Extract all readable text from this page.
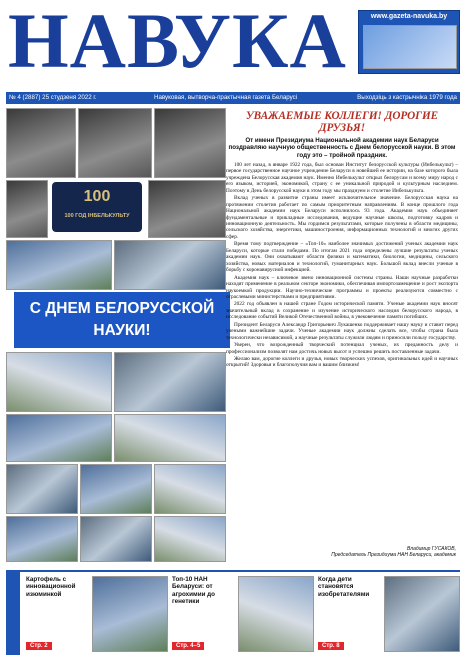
НАВУКА	www.gazeta-navuka.by
№ 4 (2887) 25 студзеня 2022 г.	Навуковая, вытворча-практычная газета Беларусі	Выходзіць з кастрычніка 1979 года
100
100 ГОД ІНБЕЛЬКУЛЬТУ
С ДНЕМ БЕЛОРУССКОЙ НАУКИ!
УВАЖАЕМЫЕ КОЛЛЕГИ! ДОРОГИЕ ДРУЗЬЯ!
От имени Президиума Национальной академии наук Беларуси поздравляю научную общественность с Днем белорусской науки. В этом году это – тройной праздник.

100 лет назад, в январе 1922 года, был основан Институт белорусской культуры (Инбелькульт) – первое государственное научное учреждение Беларуси в новейшей ее истории, на базе которого была учреждена Белорусская академия наук. Именно Инбелькульт открыл белорусам и всему миру народ с его языком, историей, экономикой, страну с ее уникальной природой и культурным наследием. Поэтому в День белорусской науки в этом году мы празднуем и столетие Инбелькульта.

Вклад ученых в развитие страны имеет исключительное значение. Белорусская наука на протяжении столетия работает по самым приоритетным направлениям. В конце прошлого года Национальной академии наук Беларуси исполнилось 93 года. Академия наук объединяет фундаментальные и прикладные исследования, ведущие научные школы, подготовку кадров и инновационную деятельность. Мы гордимся результатами, которые получены в области медицины, сельского хозяйства, энергетики, машиностроения, информационных технологий и многих других сфер.

Время тому подтверждение – «Топ-10» наиболее значимых достижений ученых академии наук Беларуси, которые стали победами. По итогам 2021 года определены лучшие результаты ученых академии наук. Они охватывают области физики и математики, биологии, медицины, сельского хозяйства, новых материалов и технологий, гуманитарных наук. Большой вклад внесли ученые в борьбу с коронавирусной инфекцией.

Академия наук – ключевое звено инновационной системы страны. Наши научные разработки находят применение в реальном секторе экономики, обеспечивая импортозамещение и рост экспорта наукоемкой продукции. Научно-технические программы и проекты реализуются совместно с отраслевыми министерствами и предприятиями.

2022 год объявлен в нашей стране Годом исторической памяти. Ученые академии наук вносят значительный вклад в сохранение и изучение исторического наследия белорусского народа, в исследование событий Великой Отечественной войны, в увековечение памяти погибших.

Президент Беларуси Александр Григорьевич Лукашенко поддерживает нашу науку и ставит перед учеными важнейшие задачи. Ученые академии наук должны сделать все, чтобы страна была технологически независимой, а научные результаты служили людям и приносили пользу государству.

Уверен, что возрожденный творческий потенциал ученых, их преданность делу и профессионализм позволят нам достичь новых высот и успешно решить поставленные задачи.

Желаю вам, дорогие коллеги и друзья, новых творческих успехов, оригинальных идей и научных открытий! Здоровья и благополучия вам и вашим близким!

Владимир ГУСАКОВ,
Председатель Президиума НАН Беларуси, академик
Картофель с инновационной изюминкой
Стр. 2
Топ-10 НАН Беларуси: от агрохимии до генетики
Стр. 4–5
Когда дети становятся изобретателями
Стр. 8
